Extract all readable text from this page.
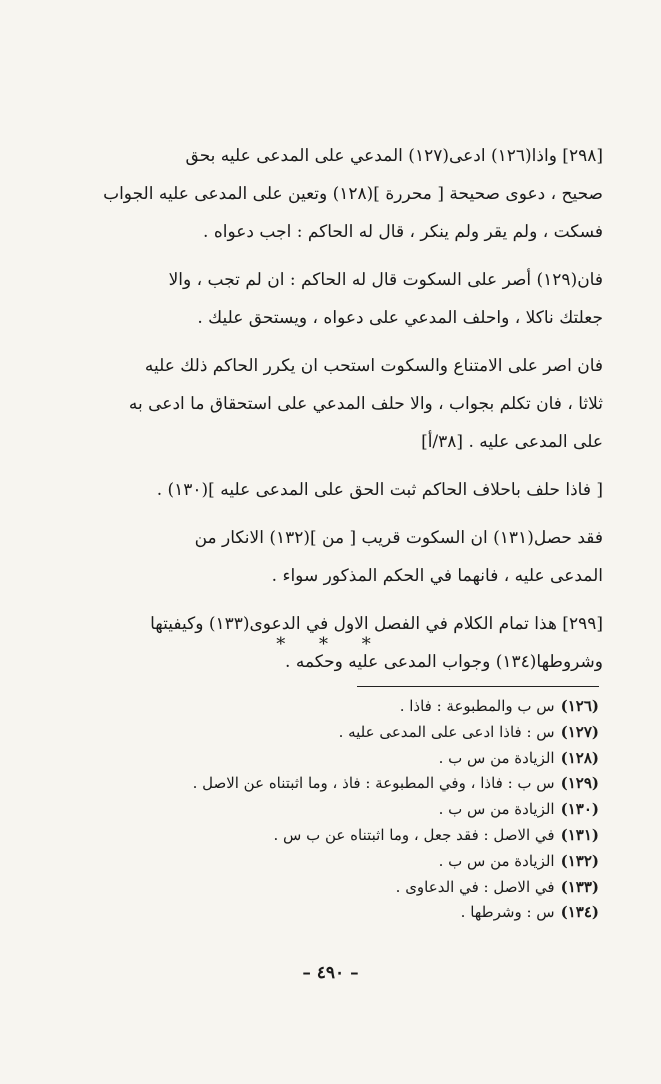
[٢٩٨] واذا(١٢٦) ادعى(١٢٧) المدعي على المدعى عليه بحق

صحيح ، دعوى صحيحة [ محررة ](١٢٨) وتعين على المدعى عليه الجواب

فسكت ، ولم يقر ولم ينكر ، قال له الحاكم : اجب دعواه .

فان(١٢٩) أصر على السكوت قال له الحاكم : ان لم تجب ، والا

جعلتك ناكلا ، واحلف المدعي على دعواه ، ويستحق عليك .

فان اصر على الامتناع والسكوت استحب ان يكرر الحاكم ذلك عليه

ثلاثا ، فان تكلم بجواب ، والا حلف المدعي على استحقاق ما ادعى به

على المدعى عليه . [٣٨/أ]

[ فاذا حلف باحلاف الحاكم ثبت الحق على المدعى عليه ](١٣٠) .

فقد حصل(١٣١) ان السكوت قريب [ من ](١٣٢) الانكار من

المدعى عليه ، فانهما في الحكم المذكور سواء .

[٢٩٩] هذا تمام الكلام في الفصل الاول في الدعوى(١٣٣) وكيفيتها

وشروطها(١٣٤) وجواب المدعى عليه وحكمه .

* * *
(١٢٦)س ب والمطبوعة : فاذا .
(١٢٧)س : فاذا ادعى على المدعى عليه .
(١٢٨)الزيادة من س ب .
(١٢٩)س ب : فاذا ، وفي المطبوعة : فاذ ، وما اثبتناه عن الاصل .
(١٣٠)الزيادة من س ب .
(١٣١)في الاصل : فقد جعل ، وما اثبتناه عن ب س .
(١٣٢)الزيادة من س ب .
(١٣٣)في الاصل : في الدعاوى .
(١٣٤)س : وشرطها .
– ٤٩٠ –
